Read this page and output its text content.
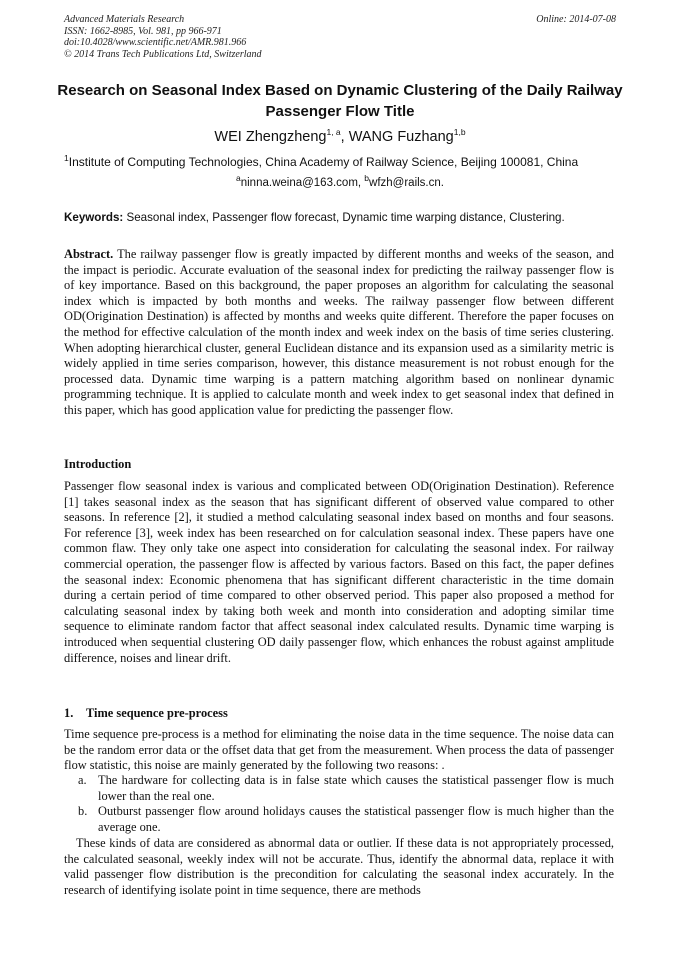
Advanced Materials Research
ISSN: 1662-8985, Vol. 981, pp 966-971
doi:10.4028/www.scientific.net/AMR.981.966
© 2014 Trans Tech Publications Ltd, Switzerland
Online: 2014-07-08
Research on Seasonal Index Based on Dynamic Clustering of the Daily Railway Passenger Flow Title
WEI Zhengzheng$^{1, a}$, WANG Fuzhang$^{1,b}$
$^1$Institute of Computing Technologies, China Academy of Railway Science, Beijing 100081, China
$^a$ninna.weina@163.com, $^b$wfzh@rails.cn.
Keywords: Seasonal index, Passenger flow forecast, Dynamic time warping distance, Clustering.

Abstract. The railway passenger flow is greatly impacted by different months and weeks of the season, and the impact is periodic. Accurate evaluation of the seasonal index for predicting the railway passenger flow is of key importance. Based on this background, the paper proposes an algorithm for calculating the seasonal index which is impacted by both months and weeks. The railway passenger flow between different OD(Origination Destination) is affected by months and weeks quite different. Therefore the paper focuses on the method for effective calculation of the month index and week index on the basis of time series clustering. When adopting hierarchical cluster, general Euclidean distance and its expansion used as a similarity metric is widely applied in time series comparison, however, this distance measurement is not robust enough for the processed data. Dynamic time warping is a pattern matching algorithm based on nonlinear dynamic programming technique. It is applied to calculate month and week index to get seasonal index that defined in this paper, which has good application value for predicting the passenger flow.

Introduction

Passenger flow seasonal index is various and complicated between OD(Origination Destination). Reference [1] takes seasonal index as the season that has significant different of observed value compared to other seasons. In reference [2], it studied a method calculating seasonal index based on months and four seasons. For reference [3], week index has been researched on for calculation seasonal index. These papers have one common flaw. They only take one aspect into consideration for calculating the seasonal index. For railway commercial operation, the passenger flow is affected by various factors. Based on this fact, the paper defines the seasonal index: Economic phenomena that has significant different characteristic in the time domain during a certain period of time compared to other observed period. This paper also proposed a method for calculating seasonal index by taking both week and month into consideration and adopting similar time sequence to eliminate random factor that affect seasonal index calculated results. Dynamic time warping is introduced when sequential clustering OD daily passenger flow, which enhances the robust against amplitude difference, noises and linear drift.

1. Time sequence pre-process

Time sequence pre-process is a method for eliminating the noise data in the time sequence. The noise data can be the random error data or the offset data that get from the measurement. When process the data of passenger flow statistic, this noise are mainly generated by the following two reasons: .

a. The hardware for collecting data is in false state which causes the statistical passenger flow is much lower than the real one.
b. Outburst passenger flow around holidays causes the statistical passenger flow is much higher than the average one.

These kinds of data are considered as abnormal data or outlier. If these data is not appropriately processed, the calculated seasonal, weekly index will not be accurate. Thus, identify the abnormal data, replace it with valid passenger flow distribution is the precondition for calculating the seasonal index accurately. In the research of identifying isolate point in time sequence, there are methods
